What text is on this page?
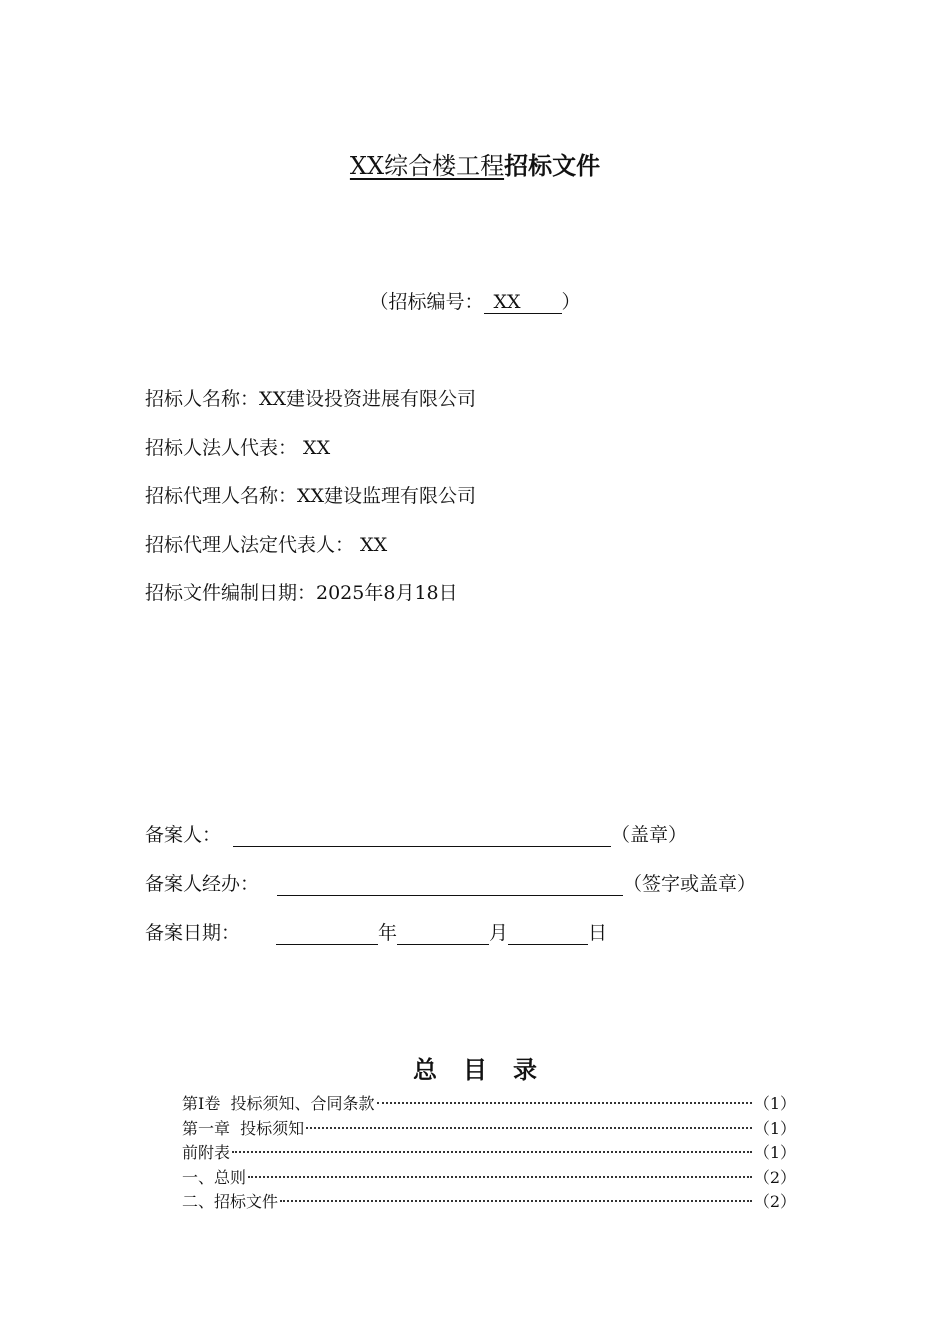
XX综合楼工程招标文件
（招标编号： XX ）
招标人名称：XX建设投资进展有限公司
招标人法人代表： XX
招标代理人名称：XX建设监理有限公司
招标代理人法定代表人： XX
招标文件编制日期：2025年8月18日
备案人：	（盖章）
备案人经办：	（签字或盖章）
备案日期：	年	月	日
总目录
第Ⅰ卷  投标须知、合同条款	（1）
第一章  投标须知	（1）
前附表	（1）
一、总则	（2）
二、招标文件	（2）
